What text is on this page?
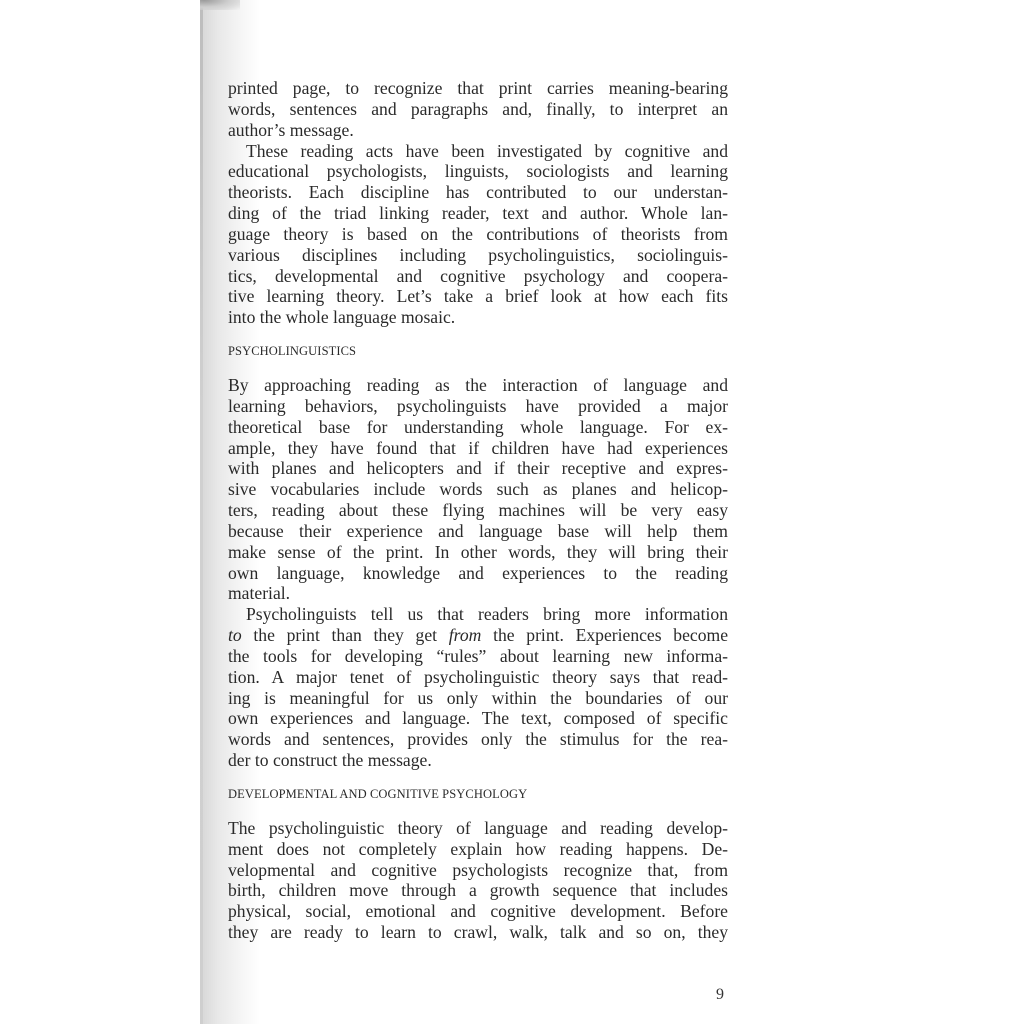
printed page, to recognize that print carries meaning-bearing
words, sentences and paragraphs and, finally, to interpret an
author’s message.
These reading acts have been investigated by cognitive and
educational psychologists, linguists, sociologists and learning
theorists. Each discipline has contributed to our understan-
ding of the triad linking reader, text and author. Whole lan-
guage theory is based on the contributions of theorists from
various disciplines including psycholinguistics, sociolinguis-
tics, developmental and cognitive psychology and coopera-
tive learning theory. Let’s take a brief look at how each fits
into the whole language mosaic.
PSYCHOLINGUISTICS
By approaching reading as the interaction of language and
learning behaviors, psycholinguists have provided a major
theoretical base for understanding whole language. For ex-
ample, they have found that if children have had experiences
with planes and helicopters and if their receptive and expres-
sive vocabularies include words such as planes and helicop-
ters, reading about these flying machines will be very easy
because their experience and language base will help them
make sense of the print. In other words, they will bring their
own language, knowledge and experiences to the reading
material.
Psycholinguists tell us that readers bring more information
to the print than they get from the print. Experiences become
the tools for developing “rules” about learning new informa-
tion. A major tenet of psycholinguistic theory says that read-
ing is meaningful for us only within the boundaries of our
own experiences and language. The text, composed of specific
words and sentences, provides only the stimulus for the rea-
der to construct the message.
DEVELOPMENTAL AND COGNITIVE PSYCHOLOGY
The psycholinguistic theory of language and reading develop-
ment does not completely explain how reading happens. De-
velopmental and cognitive psychologists recognize that, from
birth, children move through a growth sequence that includes
physical, social, emotional and cognitive development. Before
they are ready to learn to crawl, walk, talk and so on, they
9
